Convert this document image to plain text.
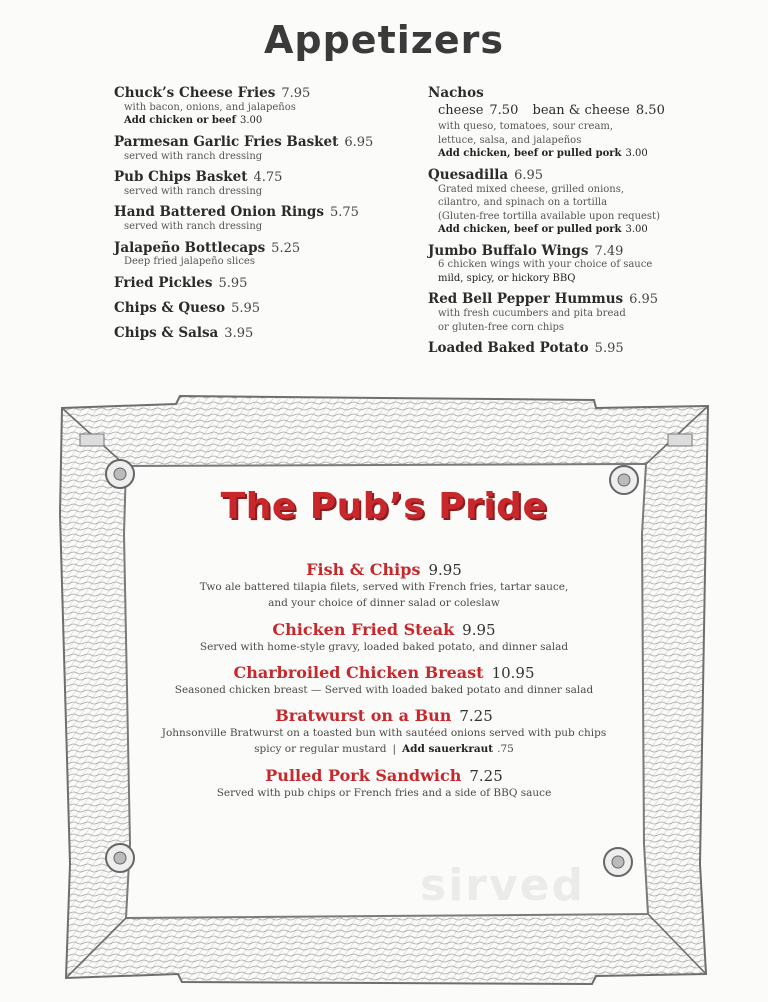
Appetizers
Chuck’s Cheese Fries 7.95
with bacon, onions, and jalapeños
Add chicken or beef 3.00
Parmesan Garlic Fries Basket 6.95
served with ranch dressing
Pub Chips Basket 4.75
served with ranch dressing
Hand Battered Onion Rings 5.75
served with ranch dressing
Jalapeño Bottlecaps 5.25
Deep fried jalapeño slices
Fried Pickles 5.95
Chips & Queso 5.95
Chips & Salsa 3.95
Nachos
cheese 7.50 bean & cheese 8.50
with queso, tomatoes, sour cream,
lettuce, salsa, and jalapeños
Add chicken, beef or pulled pork 3.00
Quesadilla 6.95
Grated mixed cheese, grilled onions,
cilantro, and spinach on a tortilla
(Gluten-free tortilla available upon request)
Add chicken, beef or pulled pork 3.00
Jumbo Buffalo Wings 7.49
6 chicken wings with your choice of sauce
mild, spicy, or hickory BBQ
Red Bell Pepper Hummus 6.95
with fresh cucumbers and pita bread
or gluten-free corn chips
Loaded Baked Potato 5.95
The Pub’s Pride
Fish & Chips 9.95
Two ale battered tilapia filets, served with French fries, tartar sauce,
and your choice of dinner salad or coleslaw
Chicken Fried Steak 9.95
Served with home-style gravy, loaded baked potato, and dinner salad
Charbroiled Chicken Breast 10.95
Seasoned chicken breast — Served with loaded baked potato and dinner salad
Bratwurst on a Bun 7.25
Johnsonville Bratwurst on a toasted bun with sautéed onions served with pub chips
spicy or regular mustard | Add sauerkraut .75
Pulled Pork Sandwich 7.25
Served with pub chips or French fries and a side of BBQ sauce
sirved
